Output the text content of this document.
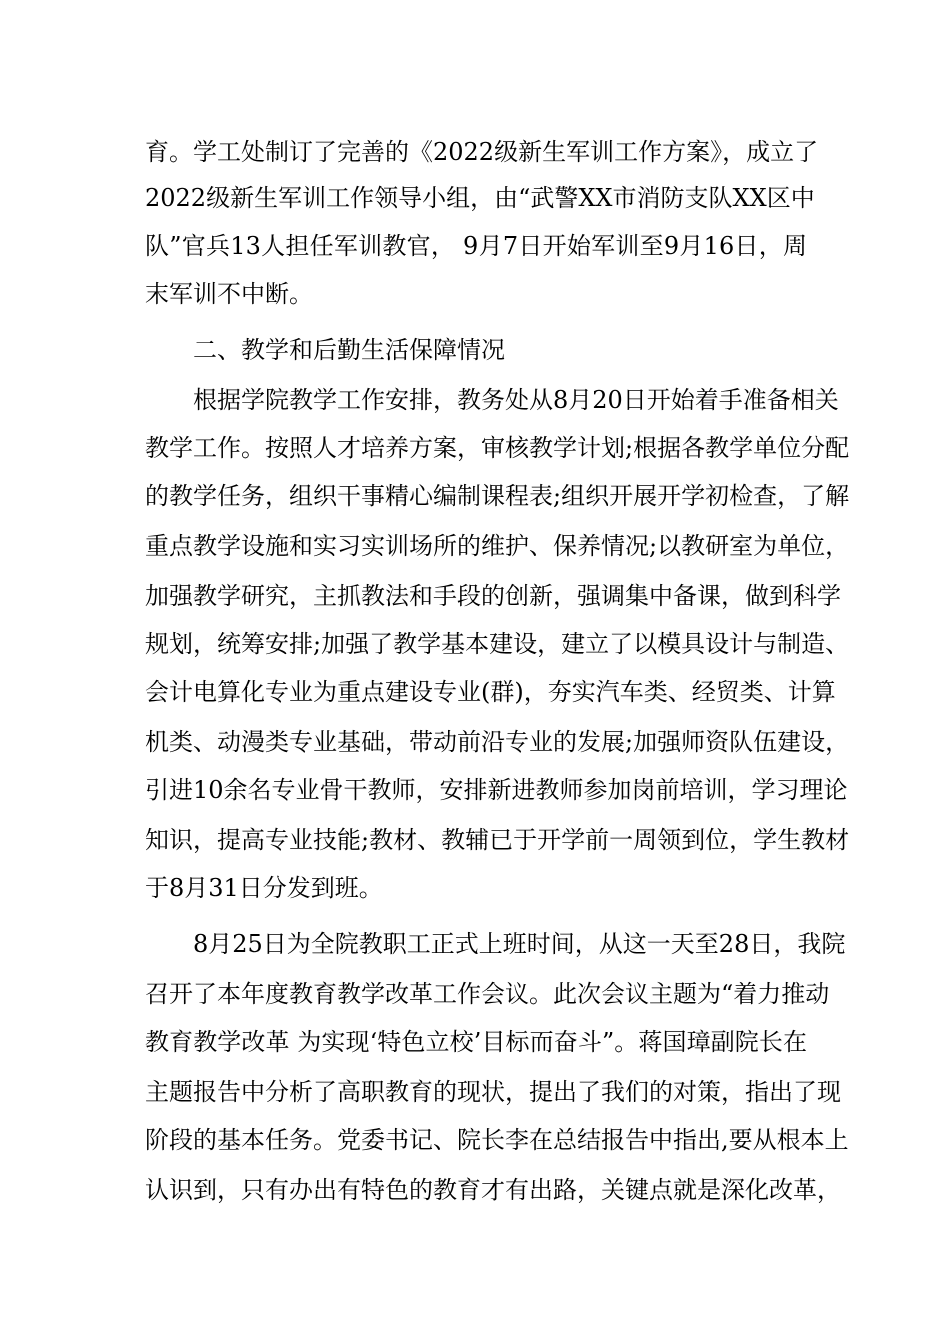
育。学工处制订了完善的《2022级新生军训工作方案》，成立了
2022级新生军训工作领导小组，由“武警XX市消防支队XX区中
队”官兵13人担任军训教官， 9月7日开始军训至9月16日，周
末军训不中断。
二、教学和后勤生活保障情况
根据学院教学工作安排，教务处从8月20日开始着手准备相关
教学工作。按照人才培养方案，审核教学计划;根据各教学单位分配
的教学任务，组织干事精心编制课程表;组织开展开学初检查，了解
重点教学设施和实习实训场所的维护、保养情况;以教研室为单位，
加强教学研究，主抓教法和手段的创新，强调集中备课，做到科学
规划，统筹安排;加强了教学基本建设，建立了以模具设计与制造、
会计电算化专业为重点建设专业(群)，夯实汽车类、经贸类、计算
机类、动漫类专业基础，带动前沿专业的发展;加强师资队伍建设，
引进10余名专业骨干教师，安排新进教师参加岗前培训，学习理论
知识，提高专业技能;教材、教辅已于开学前一周领到位，学生教材
于8月31日分发到班。
8月25日为全院教职工正式上班时间，从这一天至28日，我院
召开了本年度教育教学改革工作会议。此次会议主题为“着力推动
教育教学改革 为实现‘特色立校’目标而奋斗”。蒋国璋副院长在
主题报告中分析了高职教育的现状，提出了我们的对策，指出了现
阶段的基本任务。党委书记、院长李在总结报告中指出,要从根本上
认识到，只有办出有特色的教育才有出路，关键点就是深化改革，
